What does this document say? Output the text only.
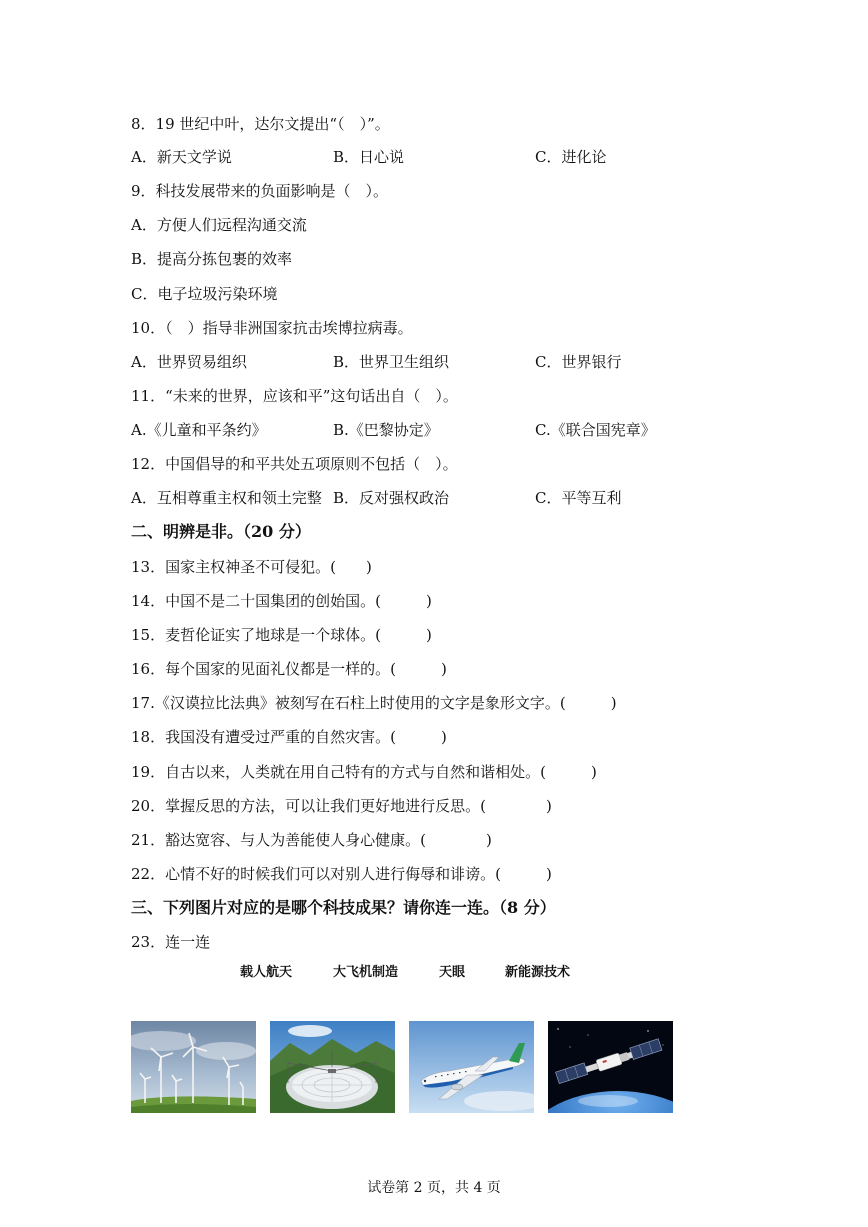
8．19 世纪中叶，达尔文提出“（　）”。
A．新天文学说	B．日心说	C．进化论
9．科技发展带来的负面影响是（　）。
A．方便人们远程沟通交流
B．提高分拣包裹的效率
C．电子垃圾污染环境
10．（　）指导非洲国家抗击埃博拉病毒。
A．世界贸易组织	B．世界卫生组织	C．世界银行
11．“未来的世界，应该和平”这句话出自（　）。
A.《儿童和平条约》	B.《巴黎协定》	C.《联合国宪章》
12．中国倡导的和平共处五项原则不包括（　）。
A．互相尊重主权和领土完整 B．反对强权政治	C．平等互利
二、明辨是非。（20 分）
13．国家主权神圣不可侵犯。(　　)
14．中国不是二十国集团的创始国。(　　　)
15．麦哲伦证实了地球是一个球体。(　　　)
16．每个国家的见面礼仪都是一样的。(　　　)
17.《汉谟拉比法典》被刻写在石柱上时使用的文字是象形文字。(　　　)
18．我国没有遭受过严重的自然灾害。(　　　)
19．自古以来，人类就在用自己特有的方式与自然和谐相处。(　　　)
20．掌握反思的方法，可以让我们更好地进行反思。(　　　　)
21．豁达宽容、与人为善能使人身心健康。(　　　　)
22．心情不好的时候我们可以对别人进行侮辱和诽谤。(　　　)
三、下列图片对应的是哪个科技成果？请你连一连。（8 分）
23．连一连
载人航天	大飞机制造	天眼	新能源技术
试卷第 2 页，共 4 页
